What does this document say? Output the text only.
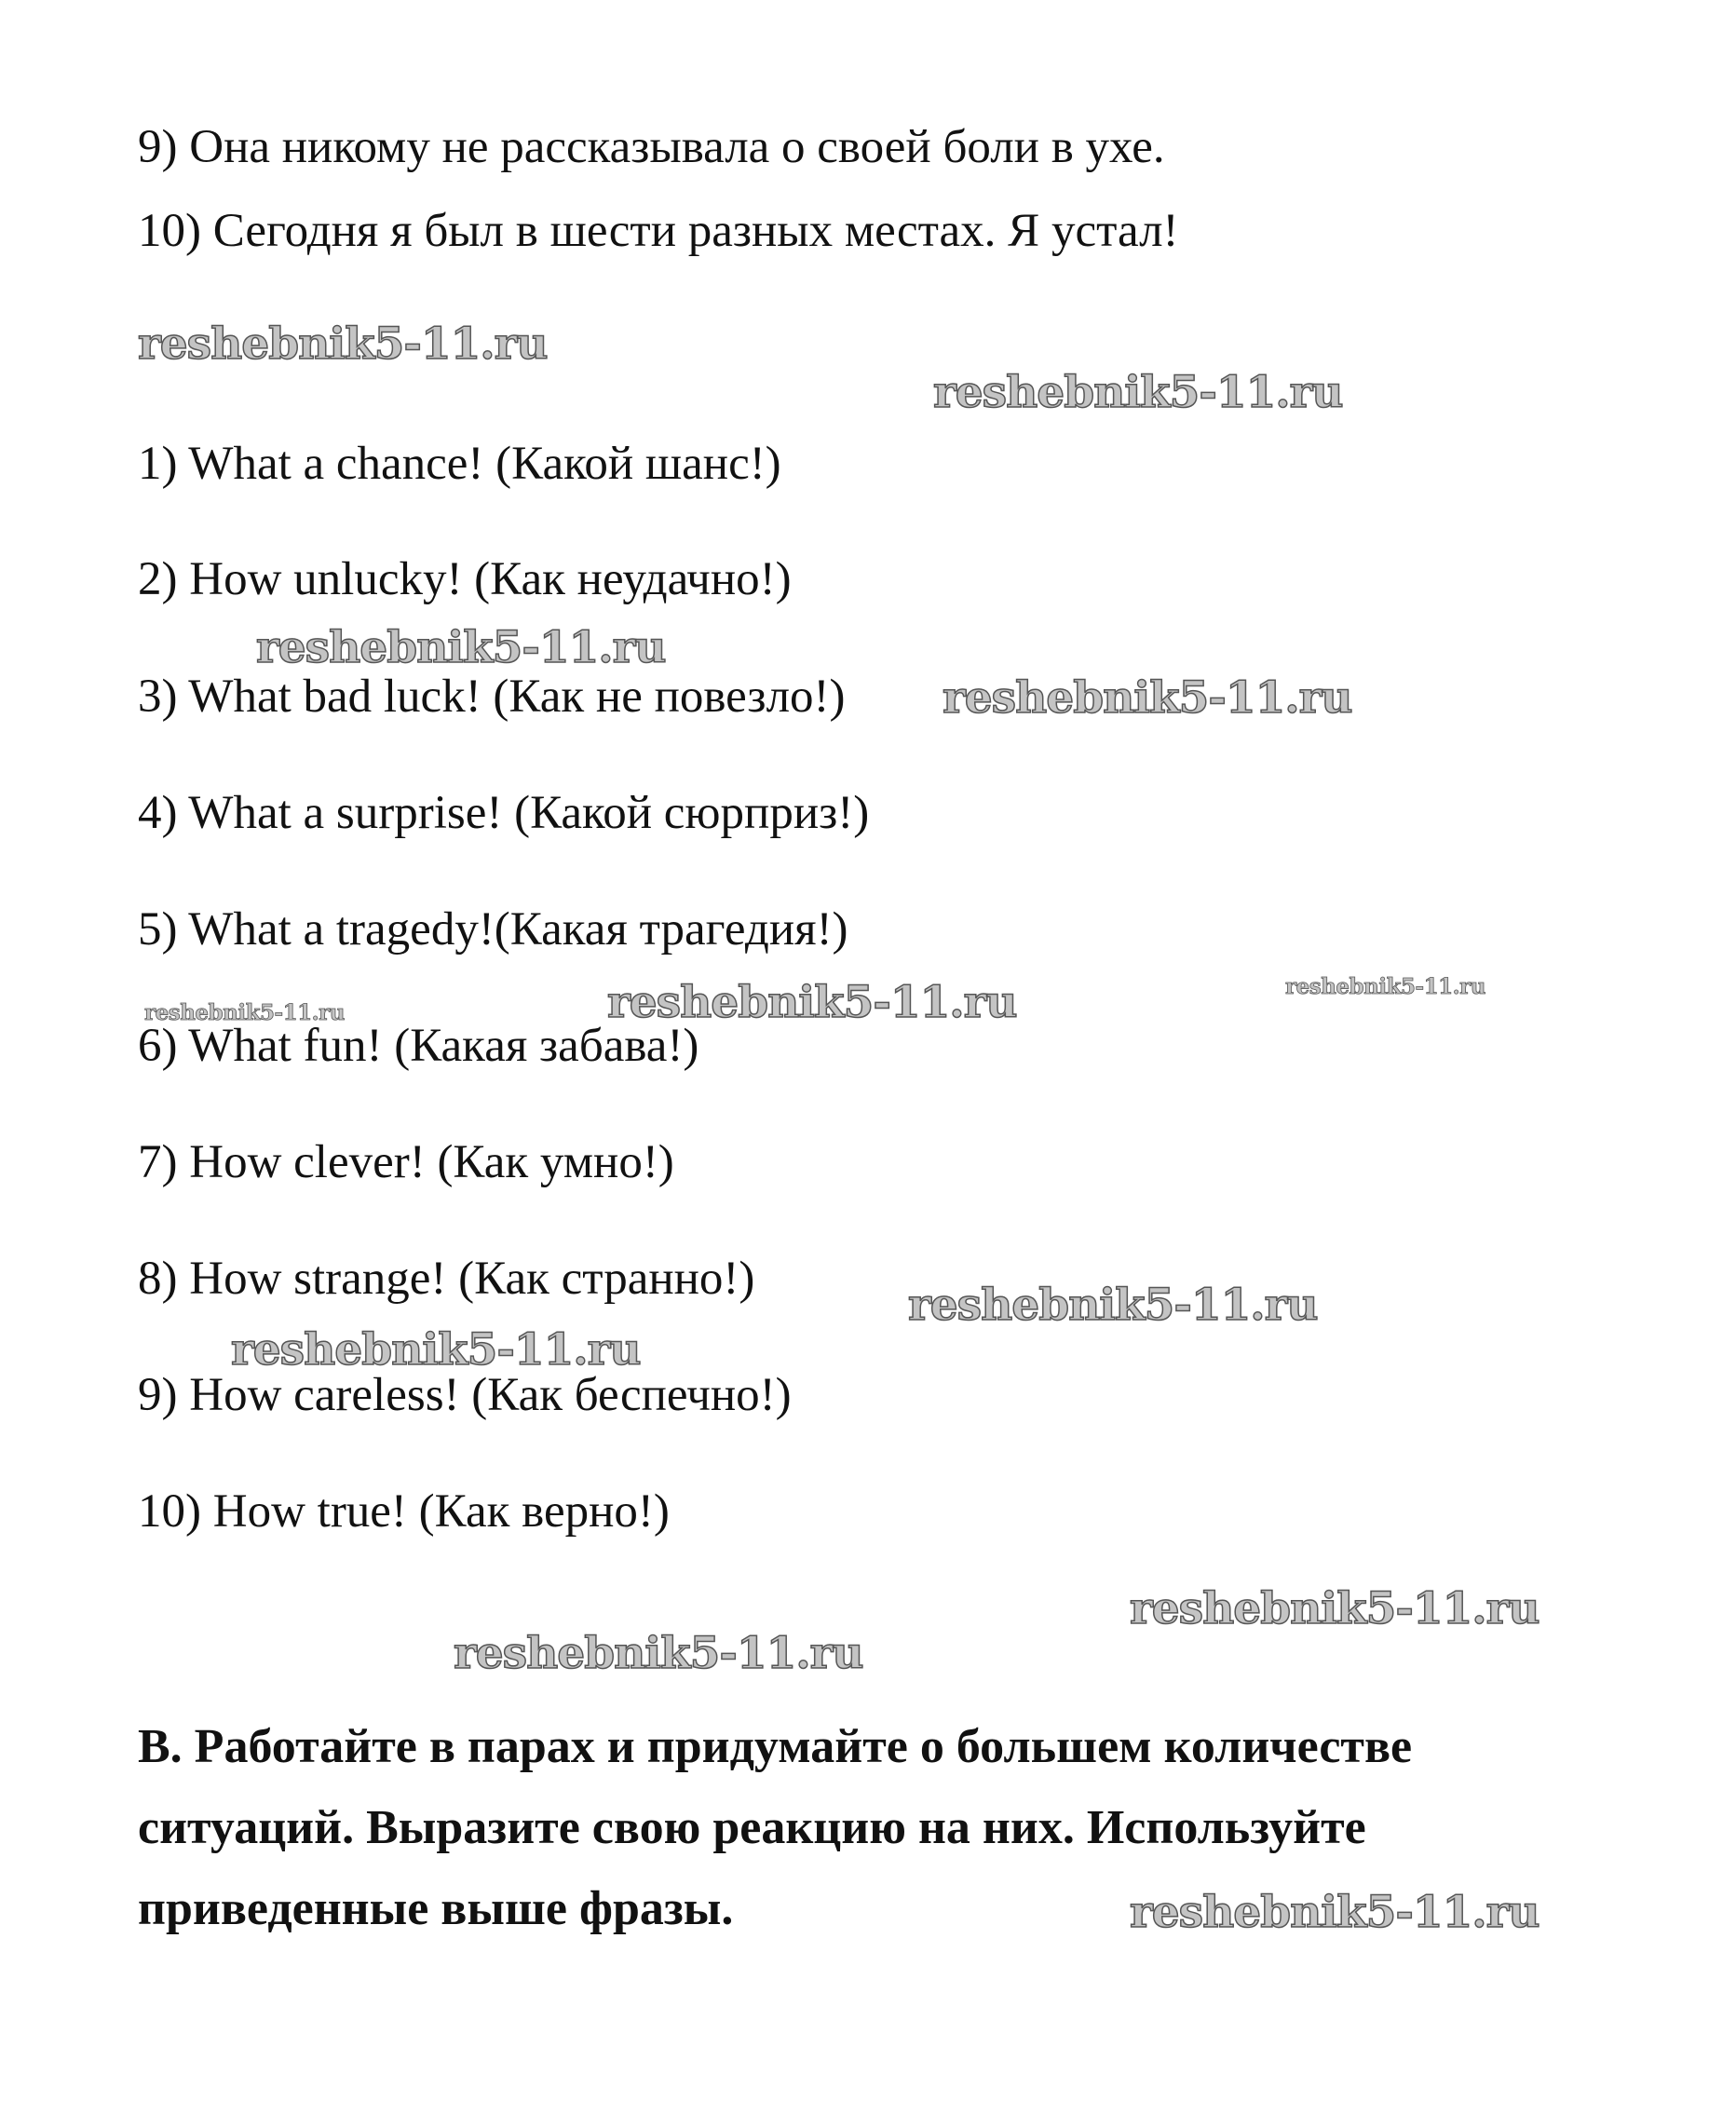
9) Она никому не рассказывала о своей боли в ухе.
10) Сегодня я был в шести разных местах. Я устал!
1) What a chance! (Какой шанс!)
2) How unlucky! (Как неудачно!)
3) What bad luck! (Как не повезло!)
4) What a surprise! (Какой сюрприз!)
5) What a tragedy!(Какая трагедия!)
6) What fun! (Какая забава!)
7) How clever! (Как умно!)
8) How strange! (Как странно!)
9) How careless! (Как беспечно!)
10) How true! (Как верно!)
B. Работайте в парах и придумайте о большем количестве
ситуаций. Выразите свою реакцию на них. Используйте
приведенные выше фразы.
reshebnik5-11.ru
reshebnik5-11.ru
reshebnik5-11.ru
reshebnik5-11.ru
reshebnik5-11.ru	reshebnik5-11.ru	reshebnik5-11.ru
reshebnik5-11.ru
reshebnik5-11.ru
reshebnik5-11.ru
reshebnik5-11.ru
reshebnik5-11.ru
